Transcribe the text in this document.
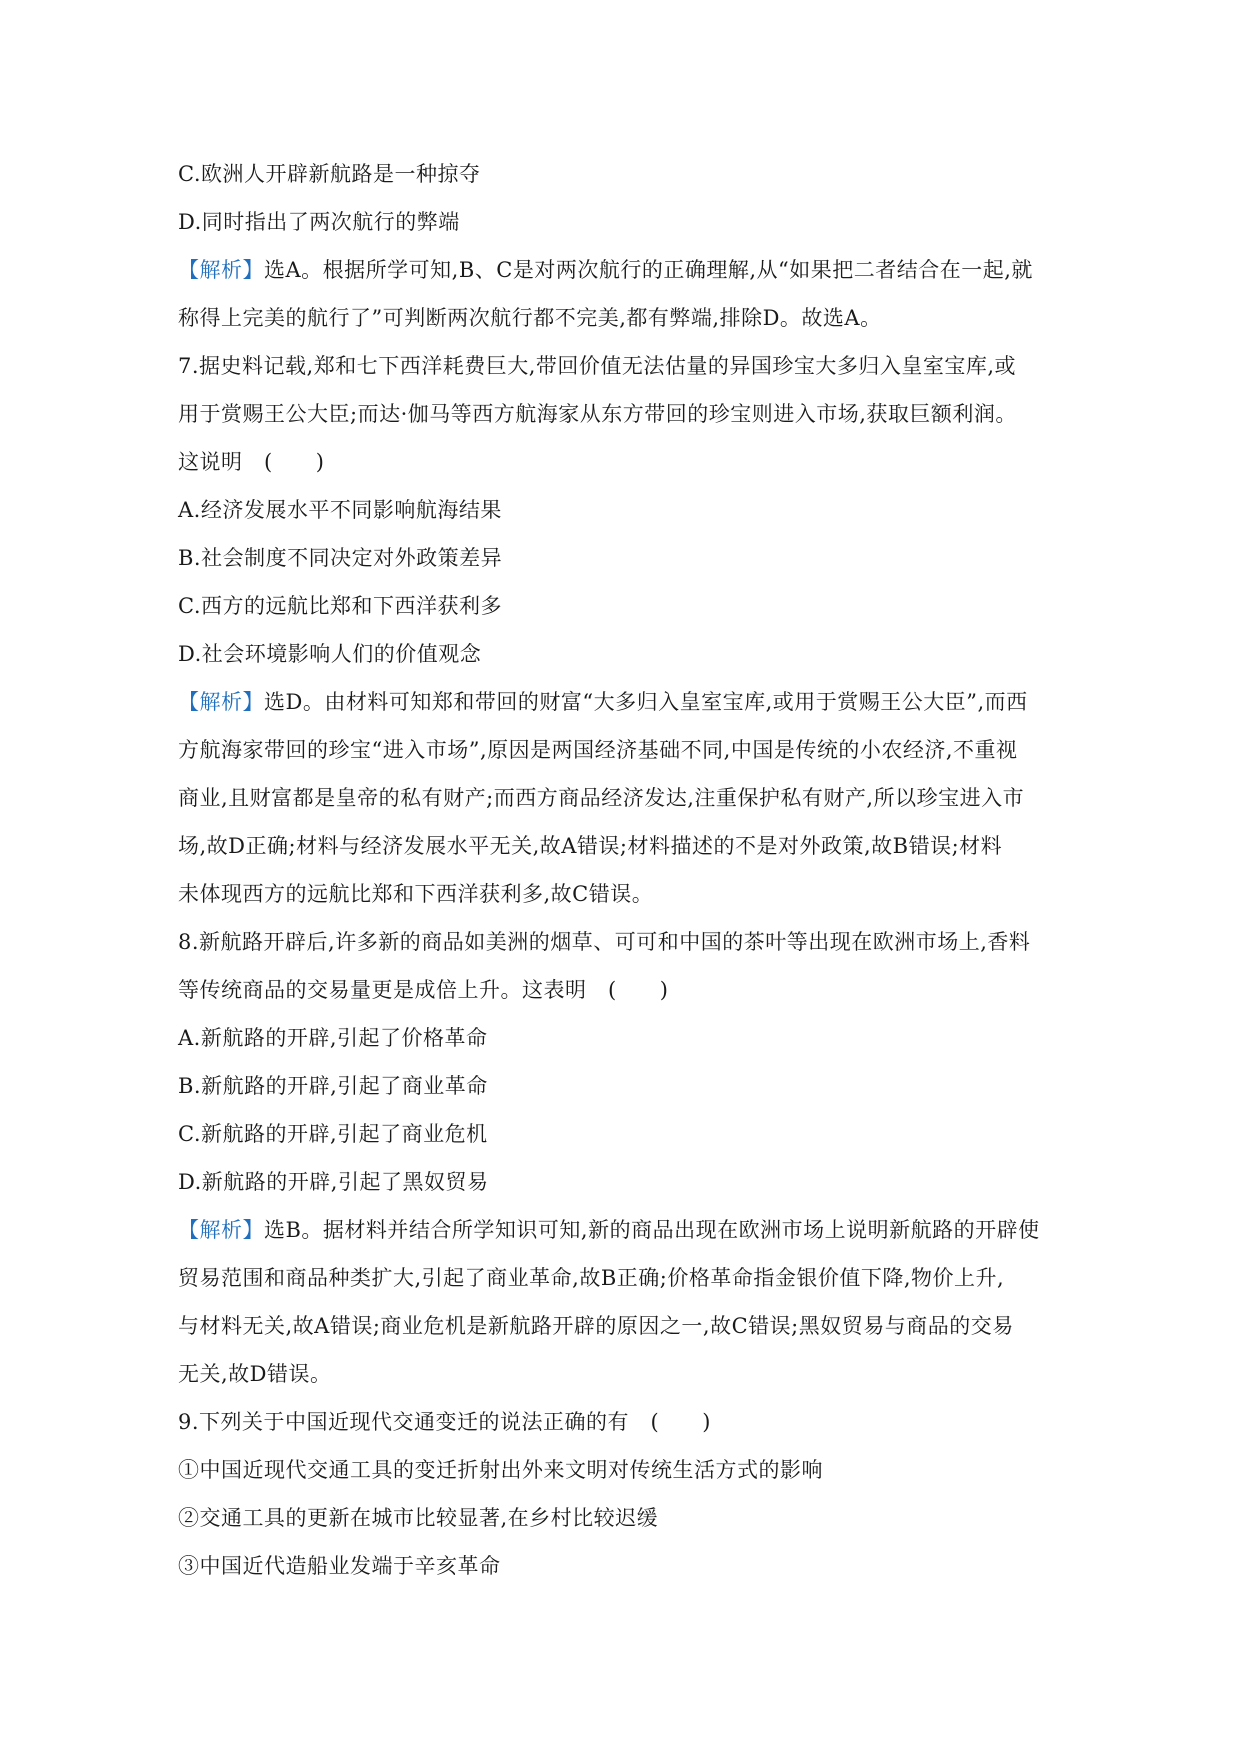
C.欧洲人开辟新航路是一种掠夺
D.同时指出了两次航行的弊端
【解析】选A。根据所学可知,B、C是对两次航行的正确理解,从“如果把二者结合在一起,就
称得上完美的航行了”可判断两次航行都不完美,都有弊端,排除D。故选A。
7.据史料记载,郑和七下西洋耗费巨大,带回价值无法估量的异国珍宝大多归入皇室宝库,或
用于赏赐王公大臣;而达·伽马等西方航海家从东方带回的珍宝则进入市场,获取巨额利润。
这说明　(　　)
A.经济发展水平不同影响航海结果
B.社会制度不同决定对外政策差异
C.西方的远航比郑和下西洋获利多
D.社会环境影响人们的价值观念
【解析】选D。由材料可知郑和带回的财富“大多归入皇室宝库,或用于赏赐王公大臣”,而西
方航海家带回的珍宝“进入市场”,原因是两国经济基础不同,中国是传统的小农经济,不重视
商业,且财富都是皇帝的私有财产;而西方商品经济发达,注重保护私有财产,所以珍宝进入市
场,故D正确;材料与经济发展水平无关,故A错误;材料描述的不是对外政策,故B错误;材料
未体现西方的远航比郑和下西洋获利多,故C错误。
8.新航路开辟后,许多新的商品如美洲的烟草、可可和中国的茶叶等出现在欧洲市场上,香料
等传统商品的交易量更是成倍上升。这表明　(　　)
A.新航路的开辟,引起了价格革命
B.新航路的开辟,引起了商业革命
C.新航路的开辟,引起了商业危机
D.新航路的开辟,引起了黑奴贸易
【解析】选B。据材料并结合所学知识可知,新的商品出现在欧洲市场上说明新航路的开辟使
贸易范围和商品种类扩大,引起了商业革命,故B正确;价格革命指金银价值下降,物价上升,
与材料无关,故A错误;商业危机是新航路开辟的原因之一,故C错误;黑奴贸易与商品的交易
无关,故D错误。
9.下列关于中国近现代交通变迁的说法正确的有　(　　)
①中国近现代交通工具的变迁折射出外来文明对传统生活方式的影响
②交通工具的更新在城市比较显著,在乡村比较迟缓
③中国近代造船业发端于辛亥革命
